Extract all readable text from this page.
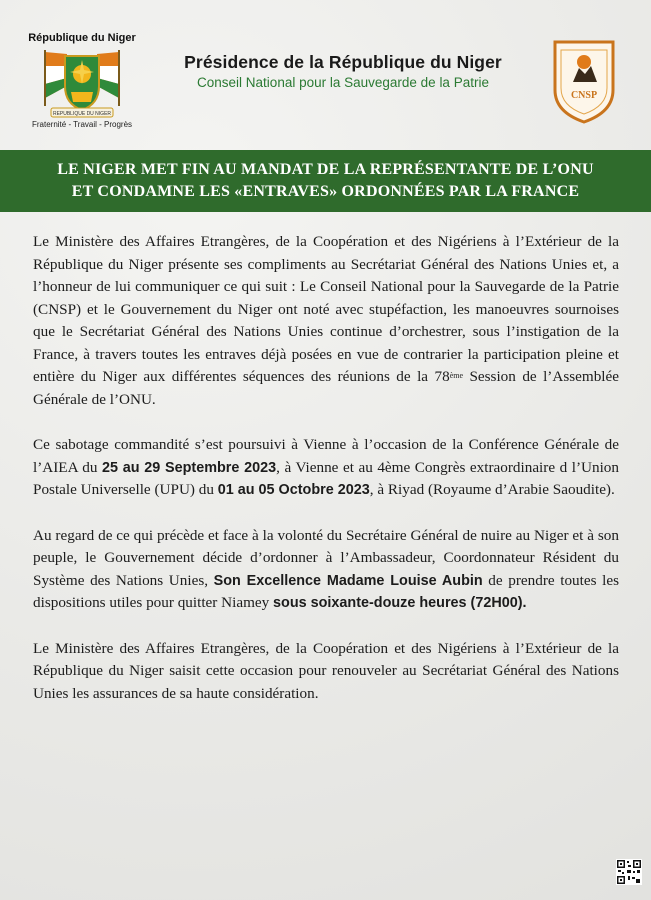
République du Niger
REPUBLIQUE DU NIGER
Fraternité - Travail - Progrès
Présidence de la République du Niger
Conseil National pour la Sauvegarde de la Patrie
CNSP
LE NIGER MET FIN AU MANDAT DE LA REPRÉSENTANTE DE L’ONU
ET CONDAMNE LES «ENTRAVES» ORDONNÉES PAR LA FRANCE

Le Ministère des Affaires Etrangères, de la Coopération et des Nigériens à l’Extérieur de la République du Niger présente ses compliments au Secrétariat Général des Nations Unies et, a l’honneur de lui communiquer ce qui suit : Le Conseil National pour la Sauvegarde de la Patrie (CNSP) et le Gouvernement du Niger ont noté avec stupéfaction, les manoeuvres sournoises que le Secrétariat Général des Nations Unies continue d’orchestrer, sous l’instigation de la France, à travers toutes les entraves déjà posées en vue de contrarier la participation pleine et entière du Niger aux différentes séquences des réunions de la 78ème Session de l’Assemblée Générale de l’ONU.

Ce sabotage commandité s’est poursuivi à Vienne à l’occasion de la Conférence Générale de l’AIEA du 25 au 29 Septembre 2023, à Vienne et au 4ème Congrès extraordinaire d l’Union Postale Universelle (UPU) du 01 au 05 Octobre 2023, à Riyad (Royaume d’Arabie Saoudite).

Au regard de ce qui précède et face à la volonté du Secrétaire Général de nuire au Niger et à son peuple, le Gouvernement décide d’ordonner à l’Ambassadeur, Coordonnateur Résident du Système des Nations Unies, Son Excellence Madame Louise Aubin de prendre toutes les dispositions utiles pour quitter Niamey sous soixante-douze heures (72H00).

Le Ministère des Affaires Etrangères, de la Coopération et des Nigériens à l’Extérieur de la République du Niger saisit cette occasion pour renouveler au Secrétariat Général des Nations Unies les assurances de sa haute considération.
